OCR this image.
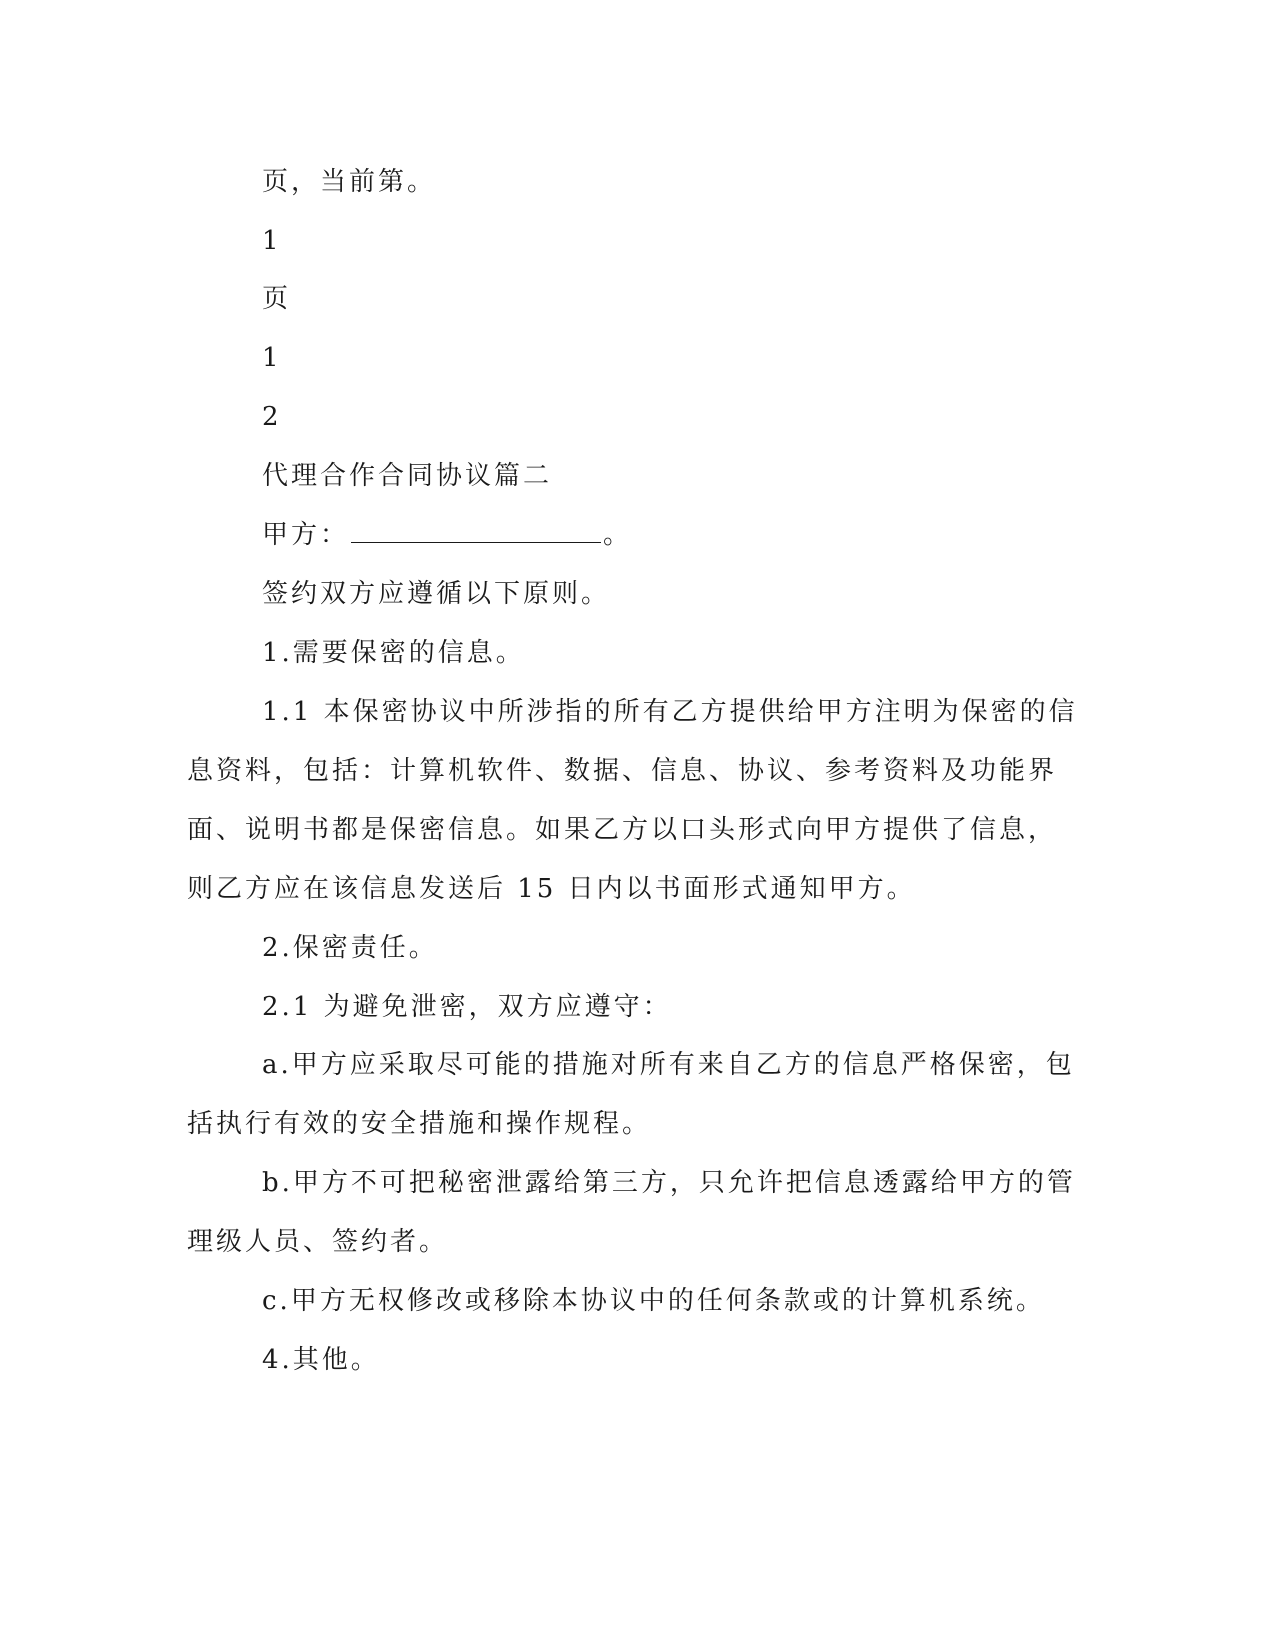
页，当前第。
1
页
1
2
代理合作合同协议篇二
甲方：	。
签约双方应遵循以下原则。
1.需要保密的信息。
1.1 本保密协议中所涉指的所有乙方提供给甲方注明为保密的信
息资料，包括：计算机软件、数据、信息、协议、参考资料及功能界
面、说明书都是保密信息。如果乙方以口头形式向甲方提供了信息，
则乙方应在该信息发送后 15 日内以书面形式通知甲方。
2.保密责任。
2.1 为避免泄密，双方应遵守：
a.甲方应采取尽可能的措施对所有来自乙方的信息严格保密，包
括执行有效的安全措施和操作规程。
b.甲方不可把秘密泄露给第三方，只允许把信息透露给甲方的管
理级人员、签约者。
c.甲方无权修改或移除本协议中的任何条款或的计算机系统。
4.其他。
